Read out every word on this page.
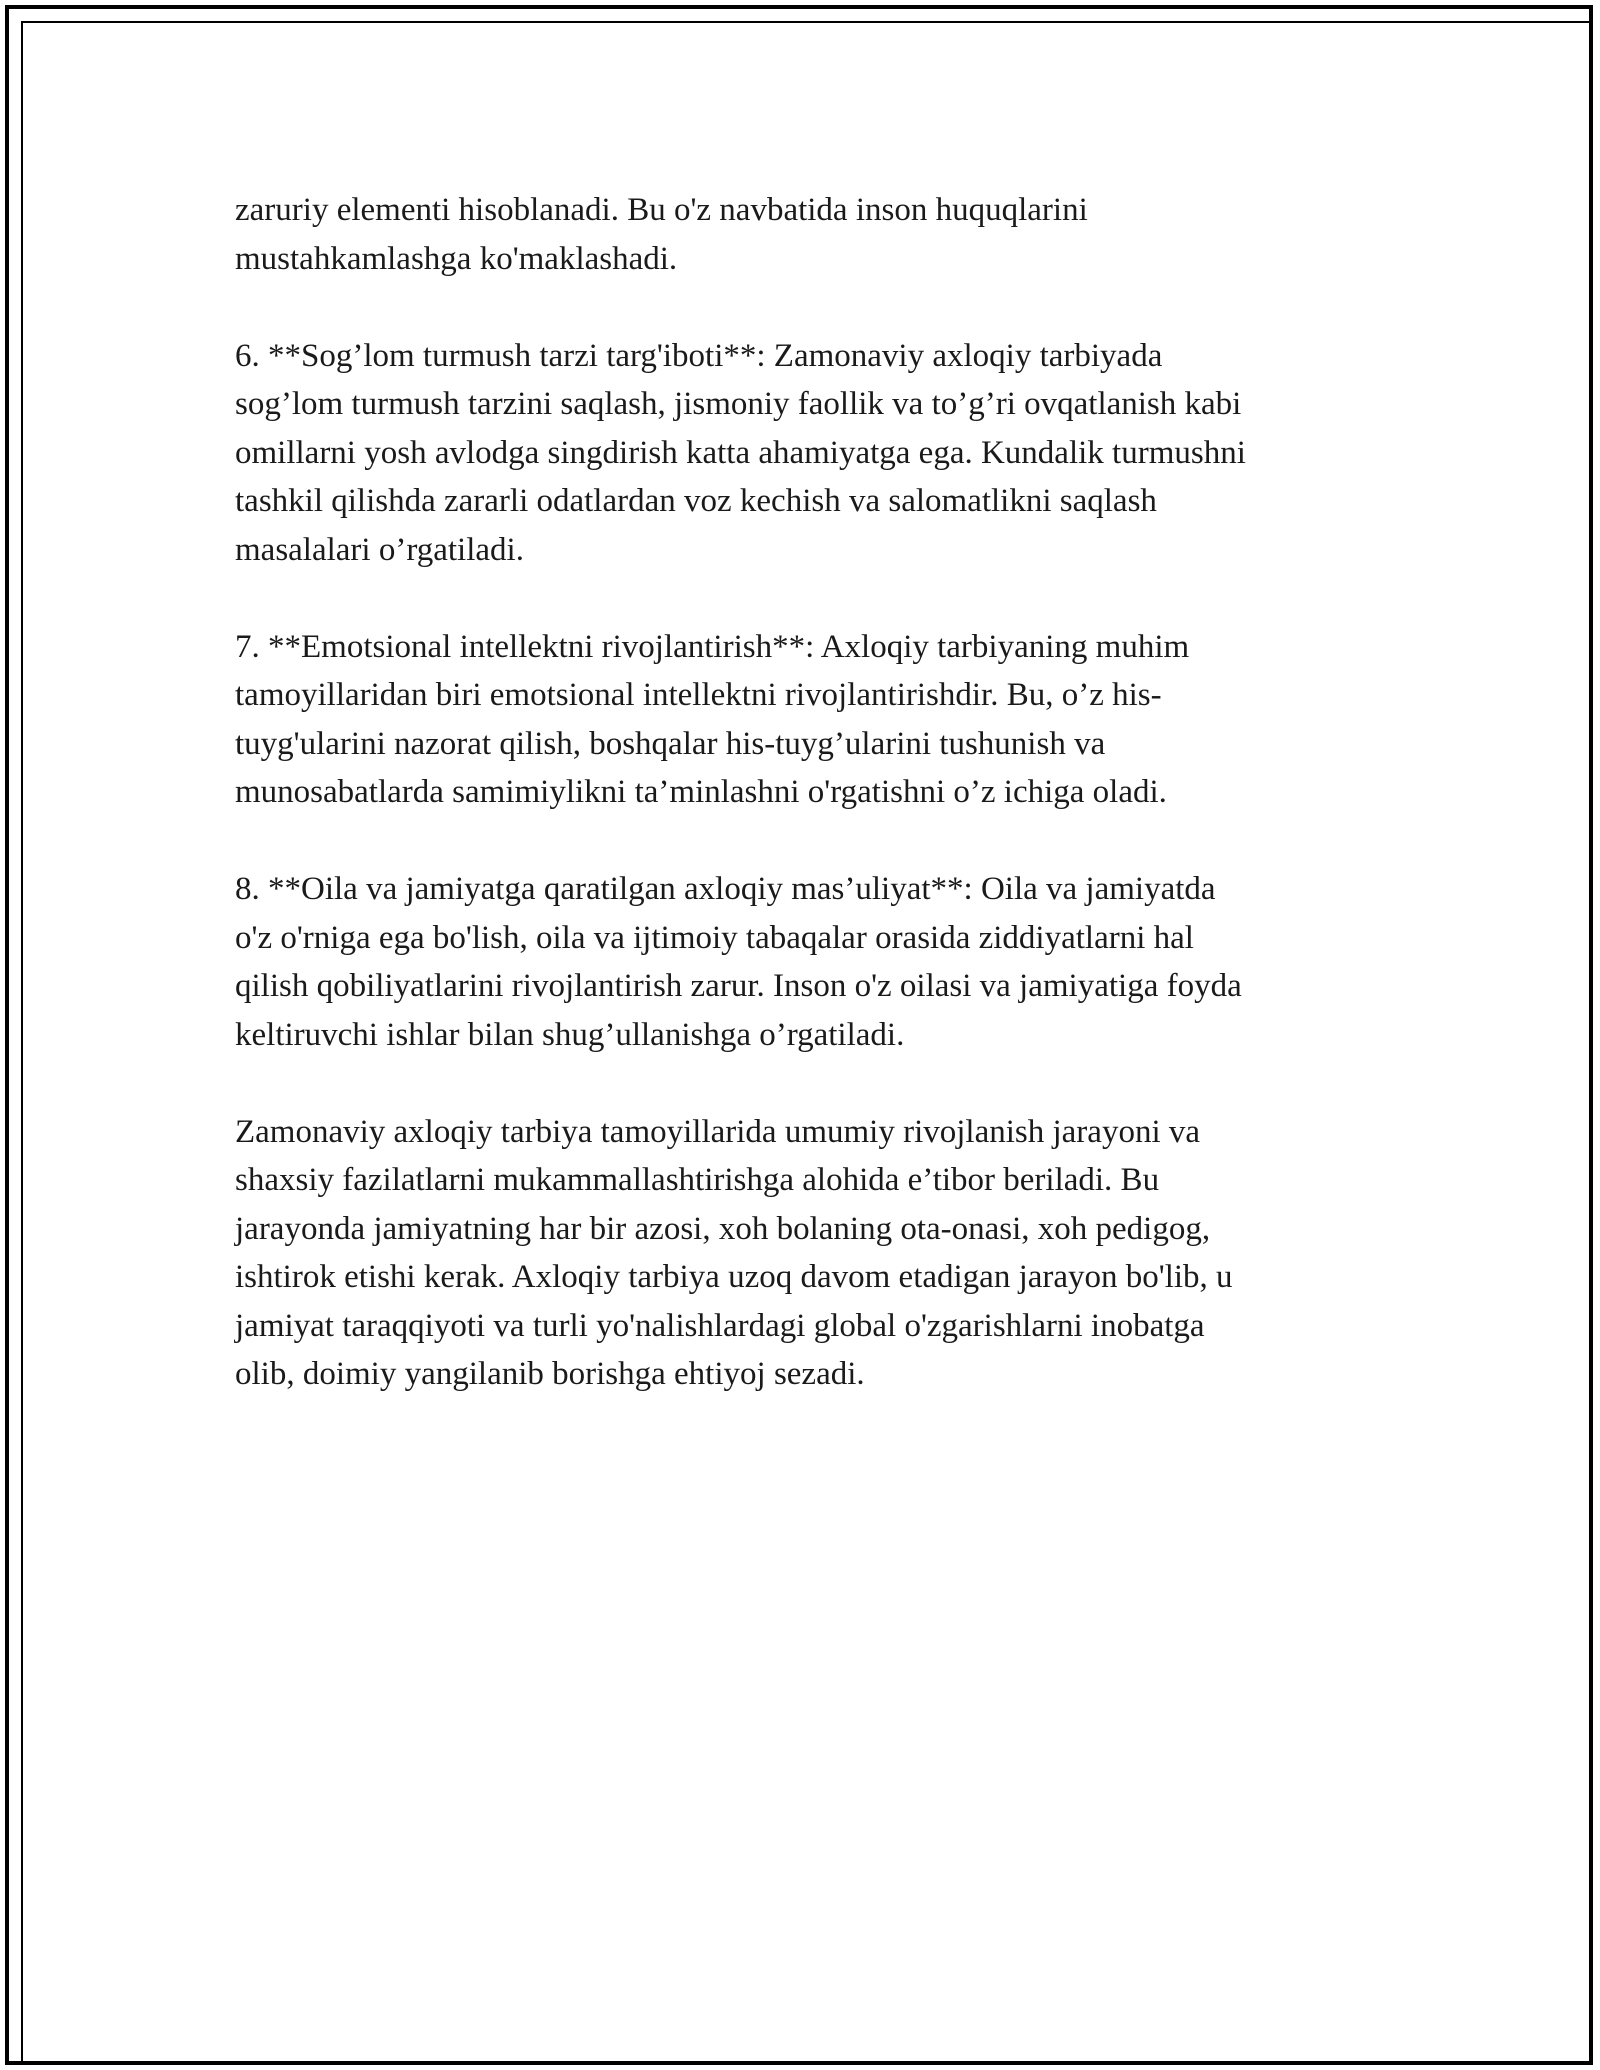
zaruriy elementi hisoblanadi. Bu o'z navbatida inson huquqlarini
mustahkamlashga ko'maklashadi.

6. **Sog’lom turmush tarzi targ'iboti**: Zamonaviy axloqiy tarbiyada
sog’lom turmush tarzini saqlash, jismoniy faollik va to’g’ri ovqatlanish kabi
omillarni yosh avlodga singdirish katta ahamiyatga ega. Kundalik turmushni
tashkil qilishda zararli odatlardan voz kechish va salomatlikni saqlash
masalalari o’rgatiladi.

7. **Emotsional intellektni rivojlantirish**: Axloqiy tarbiyaning muhim
tamoyillaridan biri emotsional intellektni rivojlantirishdir. Bu, o’z his-
tuyg'ularini nazorat qilish, boshqalar his-tuyg’ularini tushunish va
munosabatlarda samimiylikni ta’minlashni o'rgatishni o’z ichiga oladi.

8. **Oila va jamiyatga qaratilgan axloqiy mas’uliyat**: Oila va jamiyatda
o'z o'rniga ega bo'lish, oila va ijtimoiy tabaqalar orasida ziddiyatlarni hal
qilish qobiliyatlarini rivojlantirish zarur. Inson o'z oilasi va jamiyatiga foyda
keltiruvchi ishlar bilan shug’ullanishga o’rgatiladi.

Zamonaviy axloqiy tarbiya tamoyillarida umumiy rivojlanish jarayoni va
shaxsiy fazilatlarni mukammallashtirishga alohida e’tibor beriladi. Bu
jarayonda jamiyatning har bir azosi, xoh bolaning ota-onasi, xoh pedigog,
ishtirok etishi kerak. Axloqiy tarbiya uzoq davom etadigan jarayon bo'lib, u
jamiyat taraqqiyoti va turli yo'nalishlardagi global o'zgarishlarni inobatga
olib, doimiy yangilanib borishga ehtiyoj sezadi.
